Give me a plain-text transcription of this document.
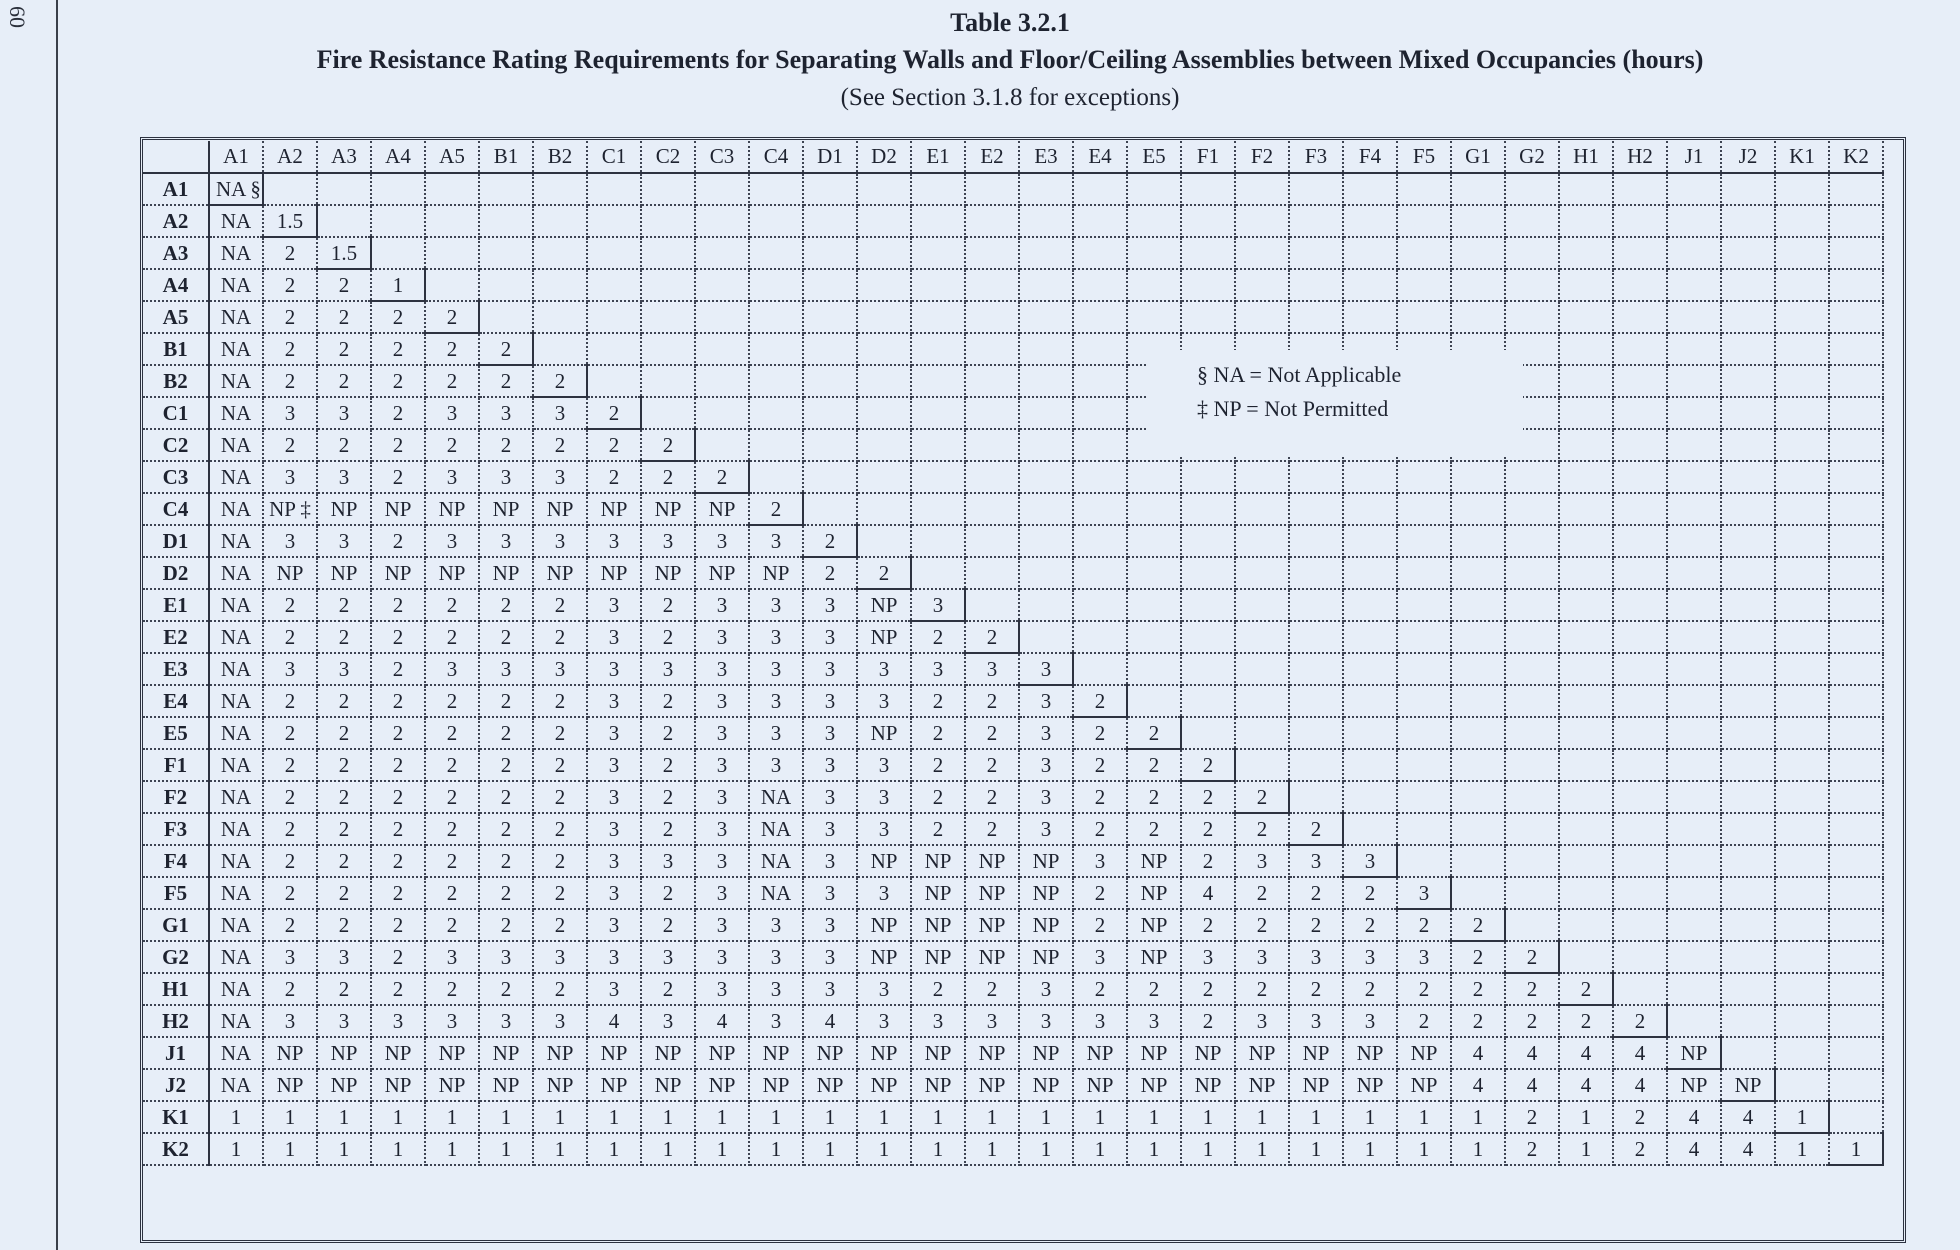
60	Table 3.2.1
Fire Resistance Rating Requirements for Separating Walls and Floor/Ceiling Assemblies between Mixed Occupancies (hours)
(See Section 3.1.8 for exceptions)
	A1	A2	A3	A4	A5	B1	B2	C1	C2	C3	C4	D1	D2	E1	E2	E3	E4	E5	F1	F2	F3	F4	F5	G1	G2	H1	H2	J1	J2	K1	K2
A1	NA §																														
A2	NA	1.5																													
A3	NA	2	1.5																												
A4	NA	2	2	1																											
A5	NA	2	2	2	2																										
B1	NA	2	2	2	2	2																									
B2	NA	2	2	2	2	2	2																								
C1	NA	3	3	2	3	3	3	2																							
C2	NA	2	2	2	2	2	2	2	2																						
C3	NA	3	3	2	3	3	3	2	2	2																					
C4	NA	NP ‡	NP	NP	NP	NP	NP	NP	NP	NP	2																				
D1	NA	3	3	2	3	3	3	3	3	3	3	2																			
D2	NA	NP	NP	NP	NP	NP	NP	NP	NP	NP	NP	2	2																		
E1	NA	2	2	2	2	2	2	3	2	3	3	3	NP	3																	
E2	NA	2	2	2	2	2	2	3	2	3	3	3	NP	2	2																
E3	NA	3	3	2	3	3	3	3	3	3	3	3	3	3	3	3															
E4	NA	2	2	2	2	2	2	3	2	3	3	3	3	2	2	3	2														
E5	NA	2	2	2	2	2	2	3	2	3	3	3	NP	2	2	3	2	2													
F1	NA	2	2	2	2	2	2	3	2	3	3	3	3	2	2	3	2	2	2												
F2	NA	2	2	2	2	2	2	3	2	3	NA	3	3	2	2	3	2	2	2	2											
F3	NA	2	2	2	2	2	2	3	2	3	NA	3	3	2	2	3	2	2	2	2	2										
F4	NA	2	2	2	2	2	2	3	3	3	NA	3	NP	NP	NP	NP	3	NP	2	3	3	3									
F5	NA	2	2	2	2	2	2	3	2	3	NA	3	3	NP	NP	NP	2	NP	4	2	2	2	3								
G1	NA	2	2	2	2	2	2	3	2	3	3	3	NP	NP	NP	NP	2	NP	2	2	2	2	2	2							
G2	NA	3	3	2	3	3	3	3	3	3	3	3	NP	NP	NP	NP	3	NP	3	3	3	3	3	2	2						
H1	NA	2	2	2	2	2	2	3	2	3	3	3	3	2	2	3	2	2	2	2	2	2	2	2	2	2					
H2	NA	3	3	3	3	3	3	4	3	4	3	4	3	3	3	3	3	3	2	3	3	3	2	2	2	2	2				
J1	NA	NP	NP	NP	NP	NP	NP	NP	NP	NP	NP	NP	NP	NP	NP	NP	NP	NP	NP	NP	NP	NP	NP	4	4	4	4	NP			
J2	NA	NP	NP	NP	NP	NP	NP	NP	NP	NP	NP	NP	NP	NP	NP	NP	NP	NP	NP	NP	NP	NP	NP	4	4	4	4	NP	NP		
K1	1	1	1	1	1	1	1	1	1	1	1	1	1	1	1	1	1	1	1	1	1	1	1	1	2	1	2	4	4	1	
K2	1	1	1	1	1	1	1	1	1	1	1	1	1	1	1	1	1	1	1	1	1	1	1	1	2	1	2	4	4	1	1
§ NA = Not Applicable
‡ NP = Not Permitted
